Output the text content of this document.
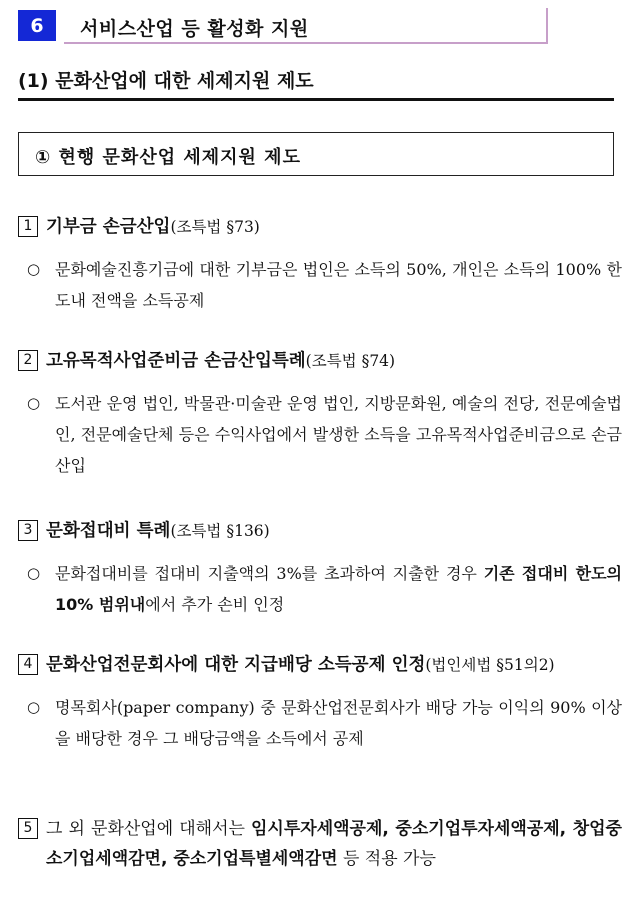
6	서비스산업 등 활성화 지원
(1) 문화산업에 대한 세제지원 제도
① 현행 문화산업 세제지원 제도
1 기부금 손금산입(조특법 §73)
○ 문화예술진흥기금에 대한 기부금은 법인은 소득의 50%, 개인은 소득의 100% 한도내 전액을 소득공제
2 고유목적사업준비금 손금산입특례(조특법 §74)
○ 도서관 운영 법인, 박물관·미술관 운영 법인, 지방문화원, 예술의 전당, 전문예술법인, 전문예술단체 등은 수익사업에서 발생한 소득을 고유목적사업준비금으로 손금 산입
3 문화접대비 특례(조특법 §136)
○ 문화접대비를 접대비 지출액의 3%를 초과하여 지출한 경우 기존 접대비 한도의 10% 범위내에서 추가 손비 인정
4 문화산업전문회사에 대한 지급배당 소득공제 인정(법인세법 §51의2)
○ 명목회사(paper company) 중 문화산업전문회사가 배당 가능 이익의 90% 이상을 배당한 경우 그 배당금액을 소득에서 공제
5 그 외 문화산업에 대해서는 임시투자세액공제, 중소기업투자세액공제, 창업중소기업세액감면, 중소기업특별세액감면 등 적용 가능
